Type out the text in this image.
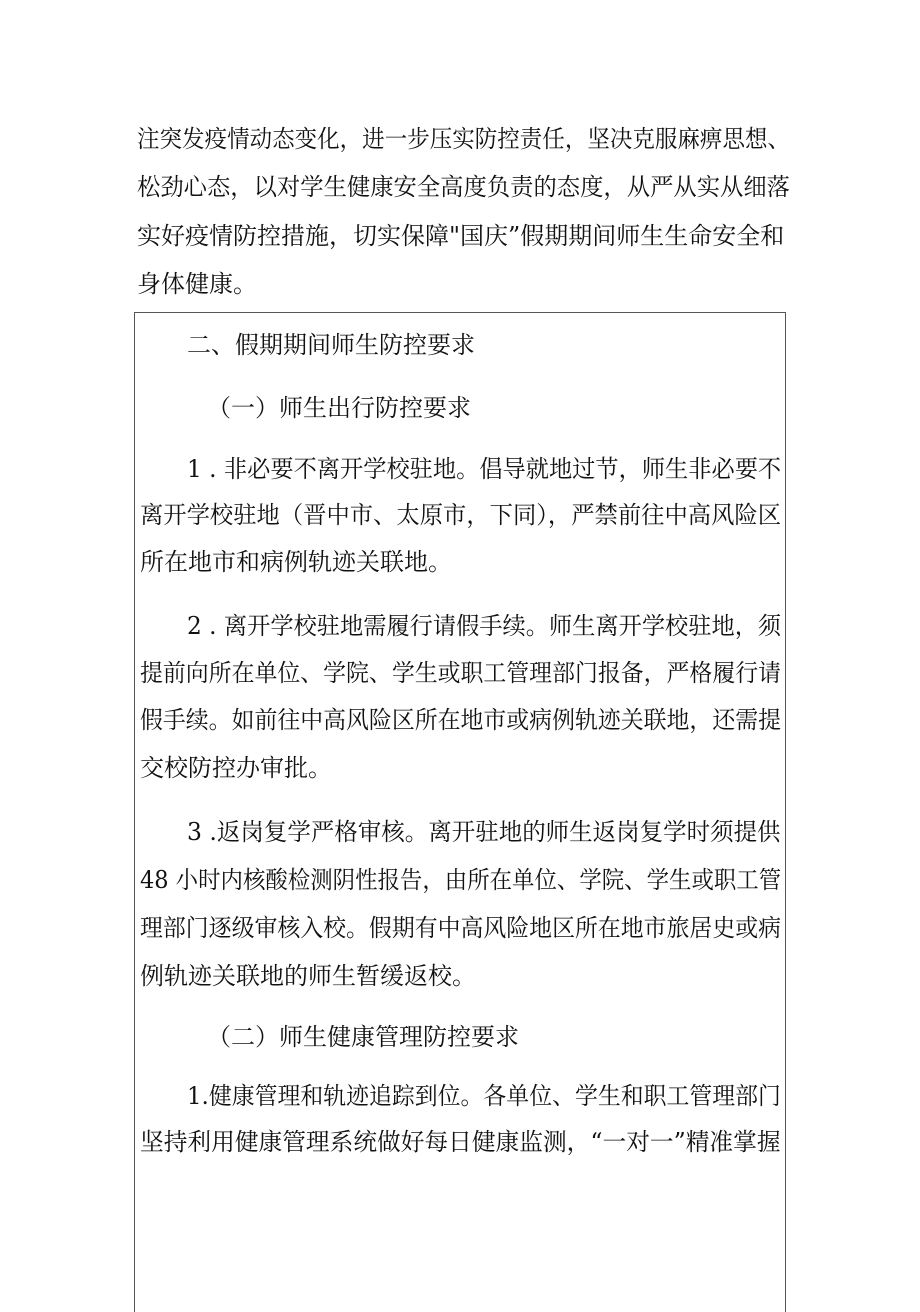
注突发疫情动态变化，进一步压实防控责任，坚决克服麻痹思想、
松劲心态，以对学生健康安全高度负责的态度，从严从实从细落
实好疫情防控措施，切实保障"国庆”假期期间师生生命安全和
身体健康。
二、假期期间师生防控要求
（一）师生出行防控要求
1 . 非必要不离开学校驻地。倡导就地过节，师生非必要不
离开学校驻地（晋中市、太原市，下同），严禁前往中高风险区
所在地市和病例轨迹关联地。
2 . 离开学校驻地需履行请假手续。师生离开学校驻地，须
提前向所在单位、学院、学生或职工管理部门报备，严格履行请
假手续。如前往中高风险区所在地市或病例轨迹关联地，还需提
交校防控办审批。
3 .返岗复学严格审核。离开驻地的师生返岗复学时须提供
48 小时内核酸检测阴性报告，由所在单位、学院、学生或职工管
理部门逐级审核入校。假期有中高风险地区所在地市旅居史或病
例轨迹关联地的师生暂缓返校。
（二）师生健康管理防控要求
1.健康管理和轨迹追踪到位。各单位、学生和职工管理部门
坚持利用健康管理系统做好每日健康监测，“一对一”精准掌握
